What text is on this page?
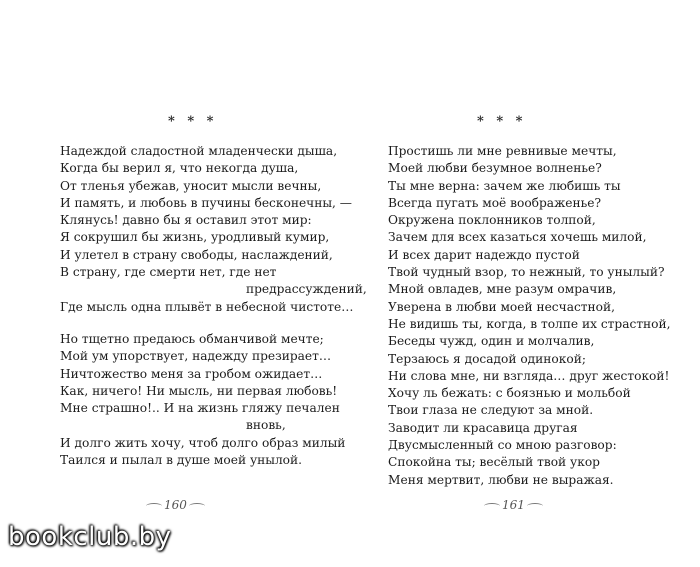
* * *
Надеждой сладостной младенчески дыша,
Когда бы верил я, что некогда душа,
От тленья убежав, уносит мысли вечны,
И память, и любовь в пучины бесконечны, —
Клянусь! давно бы я оставил этот мир:
Я сокрушил бы жизнь, уродливый кумир,
И улетел в страну свободы, наслаждений,
В страну, где смерти нет, где нет
предрассуждений,
Где мысль одна плывёт в небесной чистоте…
Но тщетно предаюсь обманчивой мечте;
Мой ум упорствует, надежду презирает…
Ничтожество меня за гробом ожидает…
Как, ничего! Ни мысль, ни первая любовь!
Мне страшно!.. И на жизнь гляжу печален
вновь,
И долго жить хочу, чтоб долго образ милый
Таился и пылал в душе моей унылой.
160
* * *
Простишь ли мне ревнивые мечты,
Моей любви безумное волненье?
Ты мне верна: зачем же любишь ты
Всегда пугать моё воображенье?
Окружена поклонников толпой,
Зачем для всех казаться хочешь милой,
И всех дарит надеждо пустой
Твой чудный взор, то нежный, то унылый?
Мной овладев, мне разум омрачив,
Уверена в любви моей несчастной,
Не видишь ты, когда, в толпе их страстной,
Беседы чужд, один и молчалив,
Терзаюсь я досадой одинокой;
Ни слова мне, ни взгляда… друг жестокой!
Хочу ль бежать: с боязнью и мольбой
Твои глаза не следуют за мной.
Заводит ли красавица другая
Двусмысленный со мною разговор:
Спокойна ты; весёлый твой укор
Меня мертвит, любви не выражая.
161
bookclub.by
